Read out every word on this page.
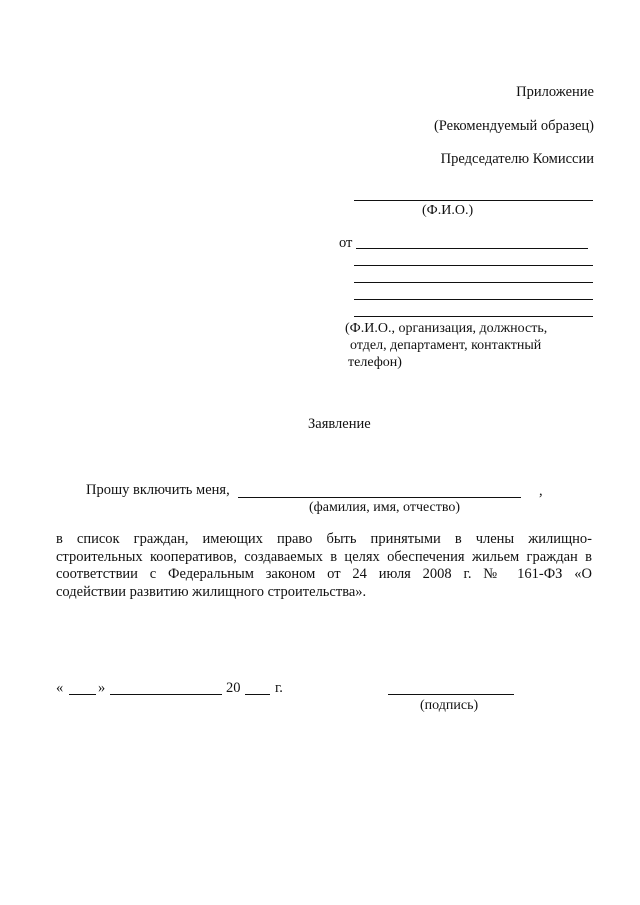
Приложение
(Рекомендуемый образец)
Председателю Комиссии
(Ф.И.О.)
от
(Ф.И.О., организация, должность,
отдел, департамент, контактный
телефон)
Заявление
Прошу включить меня,	,
(фамилия, имя, отчество)
в список граждан, имеющих право быть принятыми в члены жилищно-
строительных кооперативов, создаваемых в целях обеспечения жильем граждан в
соответствии с Федеральным законом от 24 июля 2008 г. № 161-ФЗ «О
содействии развитию жилищного строительства».
« »	20 г.
(подпись)
